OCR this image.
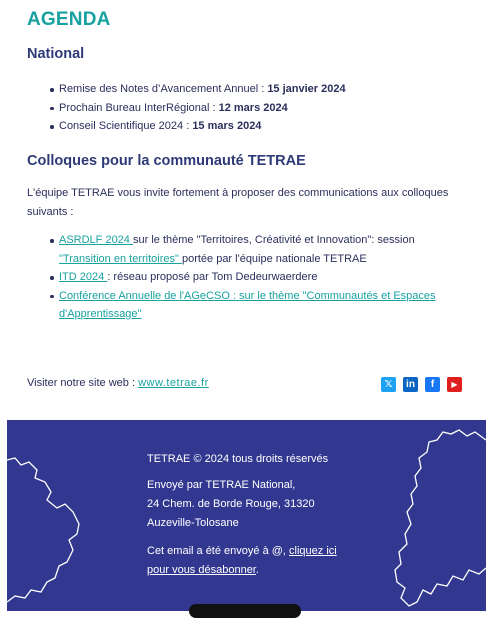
AGENDA
National
Remise des Notes d’Avancement Annuel : 15 janvier 2024
Prochain Bureau InterRégional : 12 mars 2024
Conseil Scientifique 2024 : 15 mars 2024
Colloques pour la communauté TETRAE

L'équipe TETRAE vous invite fortement à proposer des communications aux colloques suivants :

ASRDLF 2024 sur le thème "Territoires, Créativité et Innovation": session "Transition en territoires" portée par l'équipe nationale TETRAE
ITD 2024 : réseau proposé par Tom Dedeurwaerdere
Conférence Annuelle de l'AGeCSO : sur le thème "Communautés et Espaces d'Apprentissage"
Visiter notre site web : www.tetrae.fr	𝕏	in	f	▶

TETRAE © 2024 tous droits réservés

Envoyé par TETRAE National,
24 Chem. de Borde Rouge, 31320
Auzeville-Tolosane

Cet email a été envoyé à @, cliquez ici
pour vous désabonner.
